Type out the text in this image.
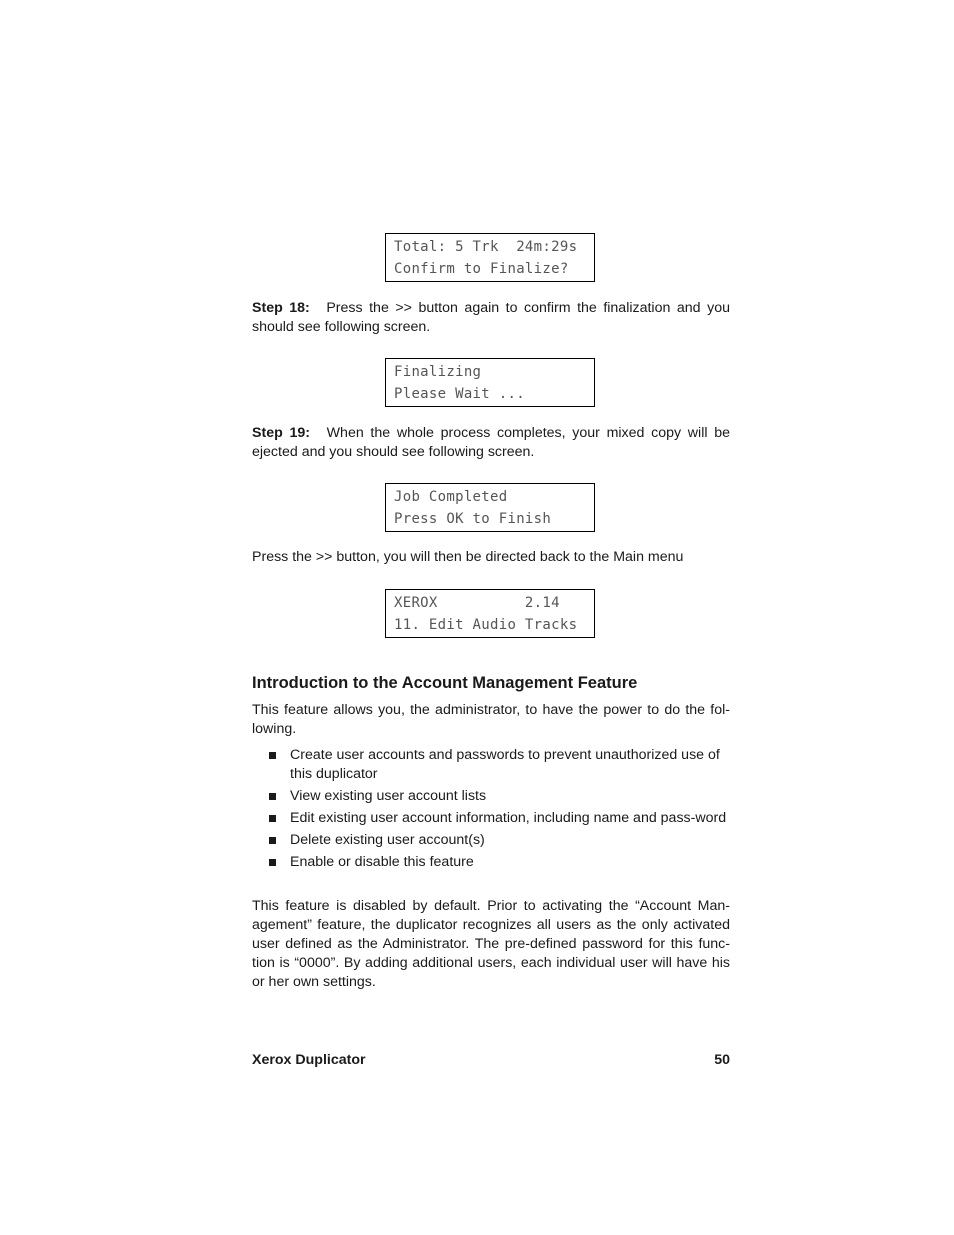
Total: 5 Trk  24m:29s
Confirm to Finalize?

Step 18: Press the >> button again to confirm the finalization and you should see following screen.

Finalizing
Please Wait ...

Step 19: When the whole process completes, your mixed copy will be ejected and you should see following screen.

Job Completed
Press OK to Finish

Press the >> button, you will then be directed back to the Main menu

XEROX          2.14
11. Edit Audio Tracks
Introduction to the Account Management Feature

This feature allows you, the administrator, to have the power to do the fol-lowing.

Create user accounts and passwords to prevent unauthorized use of this duplicator
View existing user account lists
Edit existing user account information, including name and pass-word
Delete existing user account(s)
Enable or disable this feature

This feature is disabled by default. Prior to activating the “Account Man-agement” feature, the duplicator recognizes all users as the only activated user defined as the Administrator. The pre-defined password for this func-tion is “0000”. By adding additional users, each individual user will have his or her own settings.

Xerox Duplicator	50
